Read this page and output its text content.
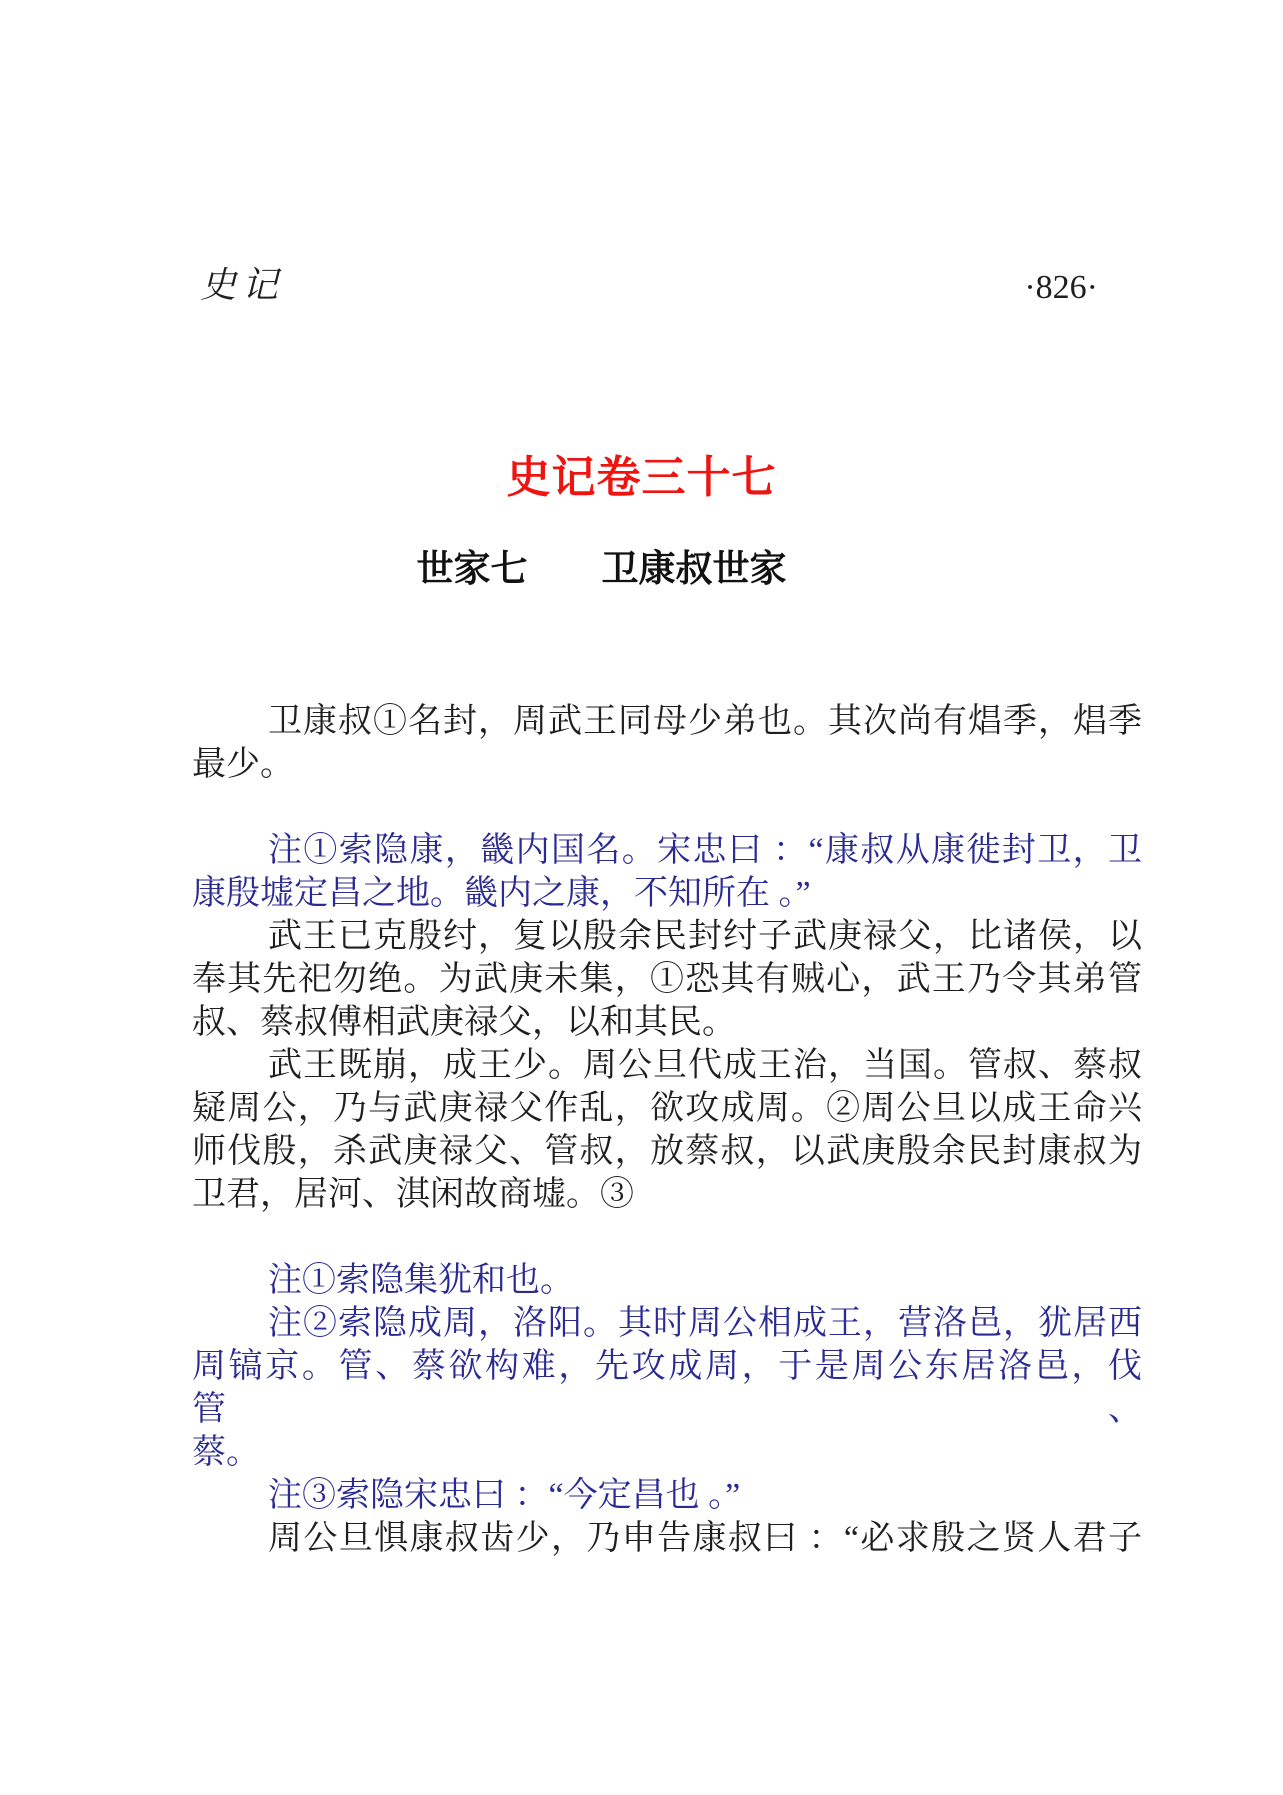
史记	·826·
史记卷三十七
世家七　　卫康叔世家
卫康叔①名封，周武王同母少弟也。其次尚有焻季，焻季
最少。
注①索隐康，畿内国名。宋忠曰 ：“康叔从康徙封卫，卫
康殷墟定昌之地。畿内之康，不知所在 。”
武王已克殷纣，复以殷余民封纣子武庚禄父，比诸侯，以
奉其先祀勿绝。为武庚未集，①恐其有贼心，武王乃令其弟管
叔、蔡叔傅相武庚禄父，以和其民。
武王既崩，成王少。周公旦代成王治，当国。管叔、蔡叔
疑周公，乃与武庚禄父作乱，欲攻成周。②周公旦以成王命兴
师伐殷，杀武庚禄父、管叔，放蔡叔，以武庚殷余民封康叔为
卫君，居河、淇闲故商墟。③
注①索隐集犹和也。
注②索隐成周，洛阳。其时周公相成王，营洛邑，犹居西
周镐京。管、蔡欲构难，先攻成周，于是周公东居洛邑，伐管、
蔡。
注③索隐宋忠曰 ：“今定昌也 。”
周公旦惧康叔齿少，乃申告康叔曰 ：“必求殷之贤人君子
